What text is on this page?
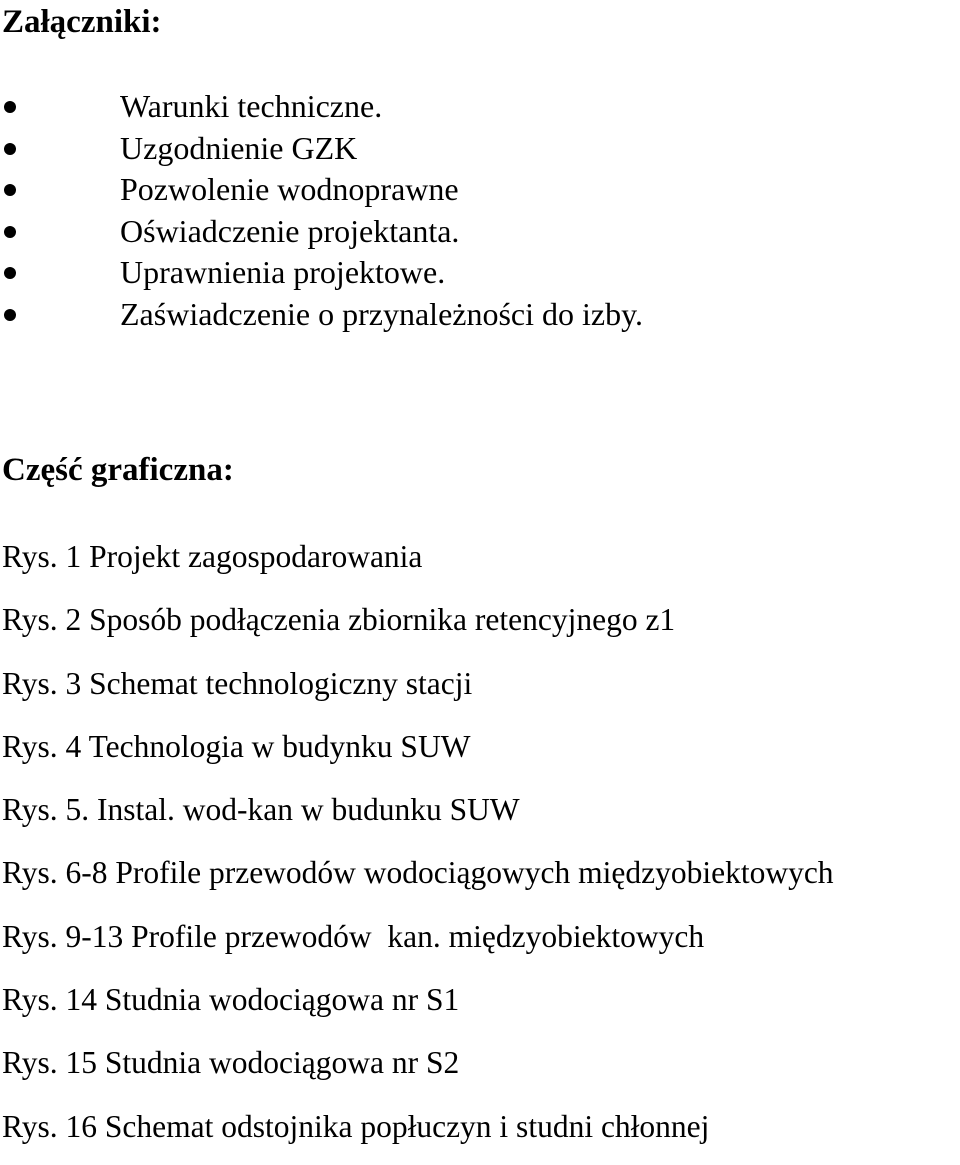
Załączniki:
Warunki techniczne.
Uzgodnienie GZK
Pozwolenie wodnoprawne
Oświadczenie projektanta.
Uprawnienia projektowe.
Zaświadczenie o przynależności do izby.
Część graficzna:
Rys. 1 Projekt zagospodarowania
Rys. 2 Sposób podłączenia zbiornika retencyjnego z1
Rys. 3 Schemat technologiczny stacji
Rys. 4 Technologia w budynku SUW
Rys. 5. Instal. wod-kan w budunku SUW
Rys. 6-8 Profile przewodów wodociągowych międzyobiektowych
Rys. 9-13 Profile przewodów  kan. międzyobiektowych
Rys. 14 Studnia wodociągowa nr S1
Rys. 15 Studnia wodociągowa nr S2
Rys. 16 Schemat odstojnika popłuczyn i studni chłonnej
